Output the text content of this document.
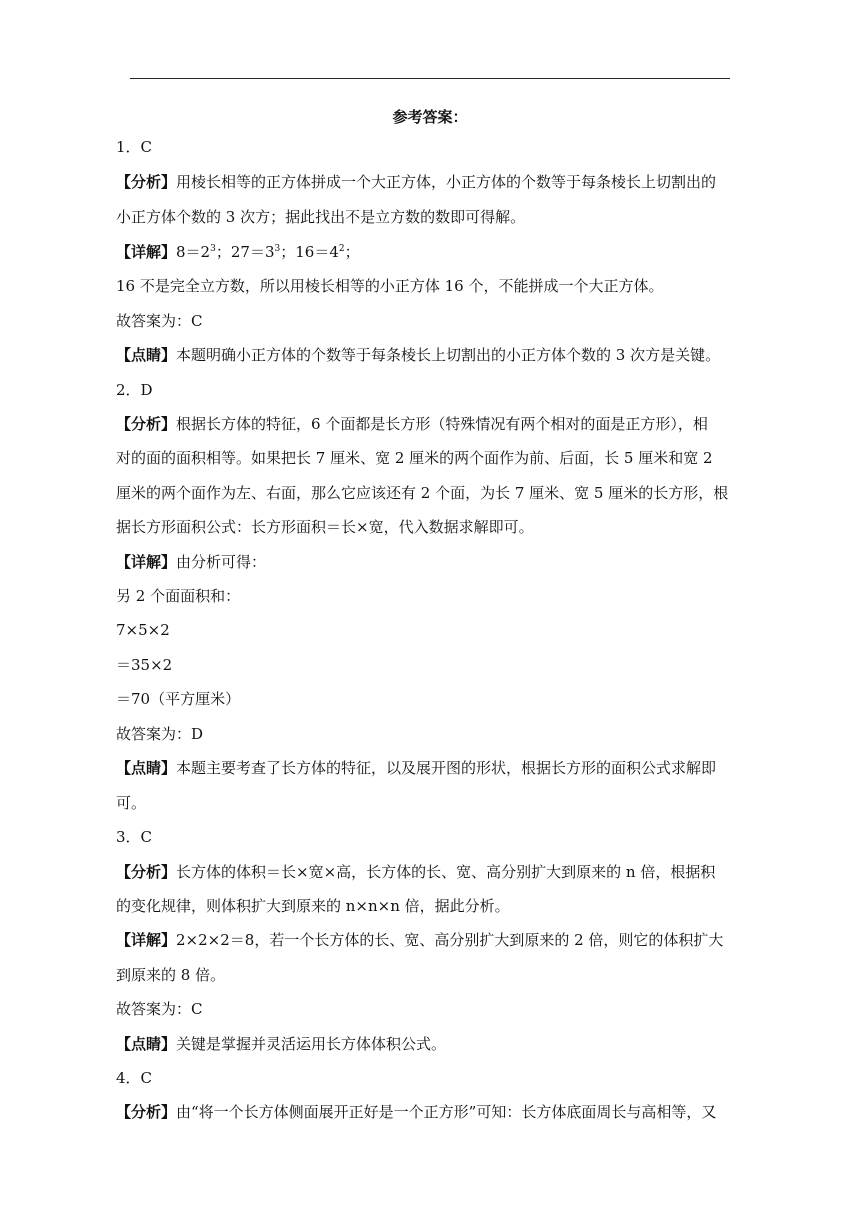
参考答案：
1．C
【分析】用棱长相等的正方体拼成一个大正方体，小正方体的个数等于每条棱长上切割出的
小正方体个数的 3 次方；据此找出不是立方数的数即可得解。
【详解】$8=2^3$；$27=3^3$；$16=4^2$；
16 不是完全立方数，所以用棱长相等的小正方体 16 个，不能拼成一个大正方体。
故答案为：C
【点睛】本题明确小正方体的个数等于每条棱长上切割出的小正方体个数的 3 次方是关键。
2．D
【分析】根据长方体的特征，6 个面都是长方形（特殊情况有两个相对的面是正方形），相
对的面的面积相等。如果把长 7 厘米、宽 2 厘米的两个面作为前、后面，长 5 厘米和宽 2
厘米的两个面作为左、右面，那么它应该还有 2 个面，为长 7 厘米、宽 5 厘米的长方形，根
据长方形面积公式：长方形面积＝长×宽，代入数据求解即可。
【详解】由分析可得：
另 2 个面面积和：
7×5×2
＝35×2
＝70（平方厘米）
故答案为：D
【点睛】本题主要考查了长方体的特征，以及展开图的形状，根据长方形的面积公式求解即
可。
3．C
【分析】长方体的体积＝长×宽×高，长方体的长、宽、高分别扩大到原来的 n 倍，根据积
的变化规律，则体积扩大到原来的 n×n×n 倍，据此分析。
【详解】2×2×2＝8，若一个长方体的长、宽、高分别扩大到原来的 2 倍，则它的体积扩大
到原来的 8 倍。
故答案为：C
【点睛】关键是掌握并灵活运用长方体体积公式。
4．C
【分析】由“将一个长方体侧面展开正好是一个正方形”可知：长方体底面周长与高相等，又
